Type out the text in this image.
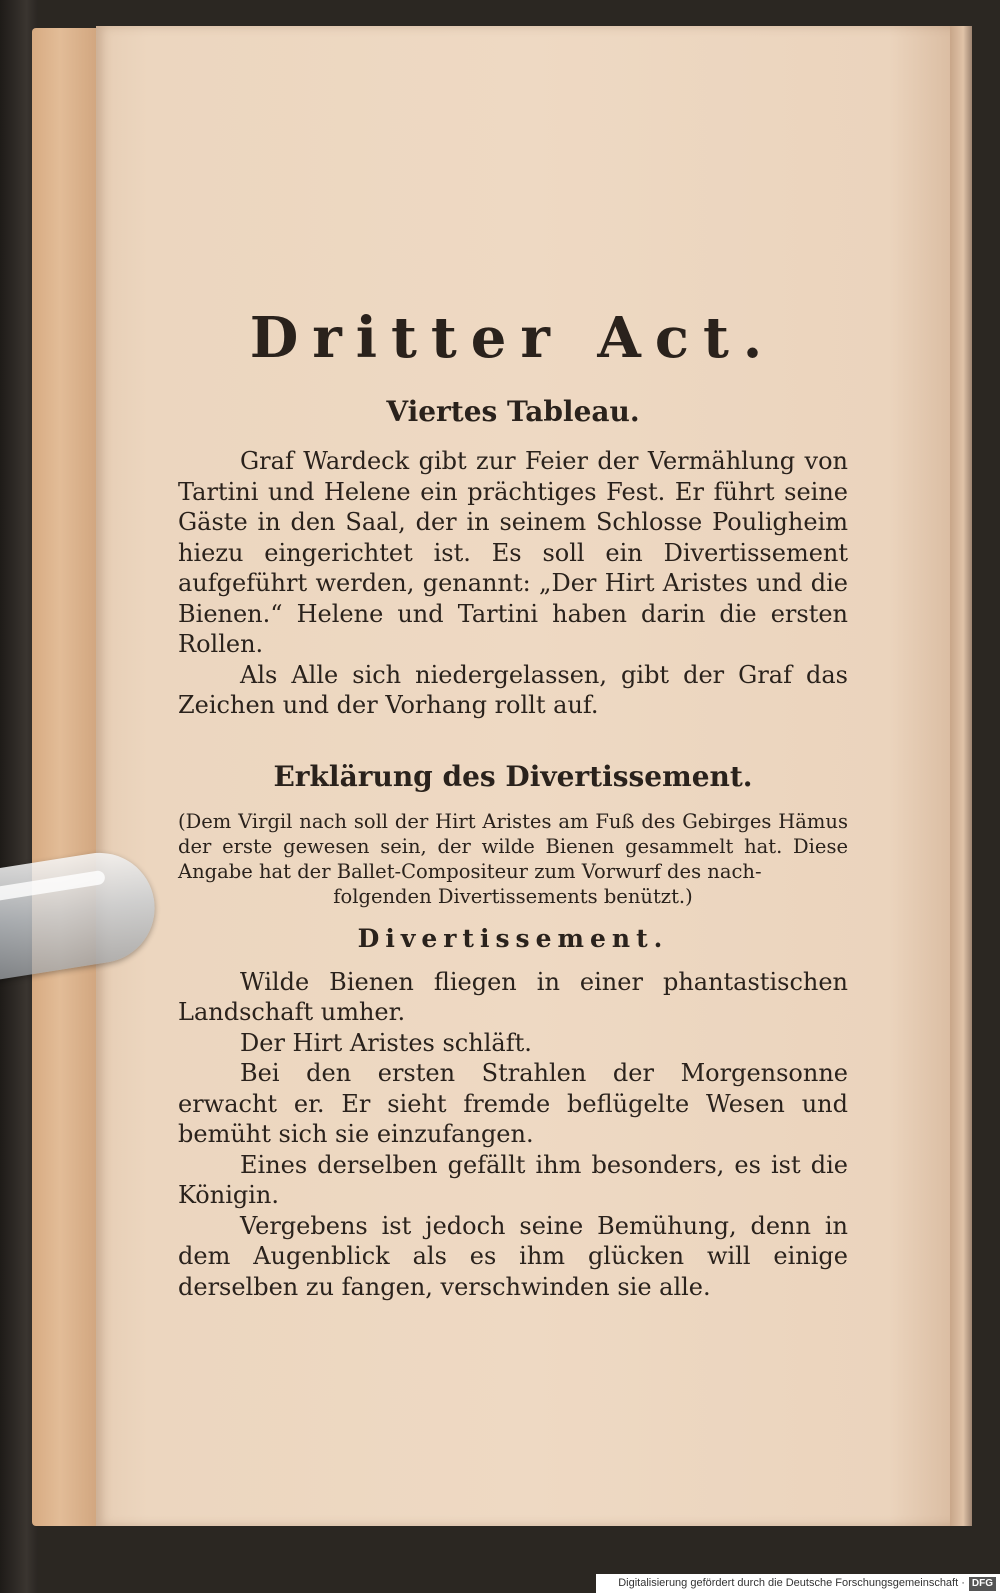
Dritter Act.
Viertes Tableau.

Graf Wardeck gibt zur Feier der Vermählung von Tartini und Helene ein prächtiges Fest. Er führt seine Gäste in den Saal, der in seinem Schlosse Pouligheim hiezu eingerichtet ist. Es soll ein Divertissement aufgeführt werden, genannt: „Der Hirt Aristes und die Bienen.“ Helene und Tartini haben darin die ersten Rollen.

Als Alle sich niedergelassen, gibt der Graf das Zeichen und der Vorhang rollt auf.

Erklärung des Divertissement.

(Dem Virgil nach soll der Hirt Aristes am Fuß des Gebirges Hämus der erste gewesen sein, der wilde Bienen gesammelt hat. Diese Angabe hat der Ballet-Compositeur zum Vorwurf des nach-
folgenden Divertissements benützt.)

Divertissement.

Wilde Bienen fliegen in einer phantastischen Landschaft umher.

Der Hirt Aristes schläft.

Bei den ersten Strahlen der Morgensonne erwacht er. Er sieht fremde beflügelte Wesen und bemüht sich sie einzufangen.

Eines derselben gefällt ihm besonders, es ist die Königin.

Vergebens ist jedoch seine Bemühung, denn in dem Augenblick als es ihm glücken will einige derselben zu fangen, verschwinden sie alle.

Digitalisierung gefördert durch die Deutsche Forschungsgemeinschaft · DFG
